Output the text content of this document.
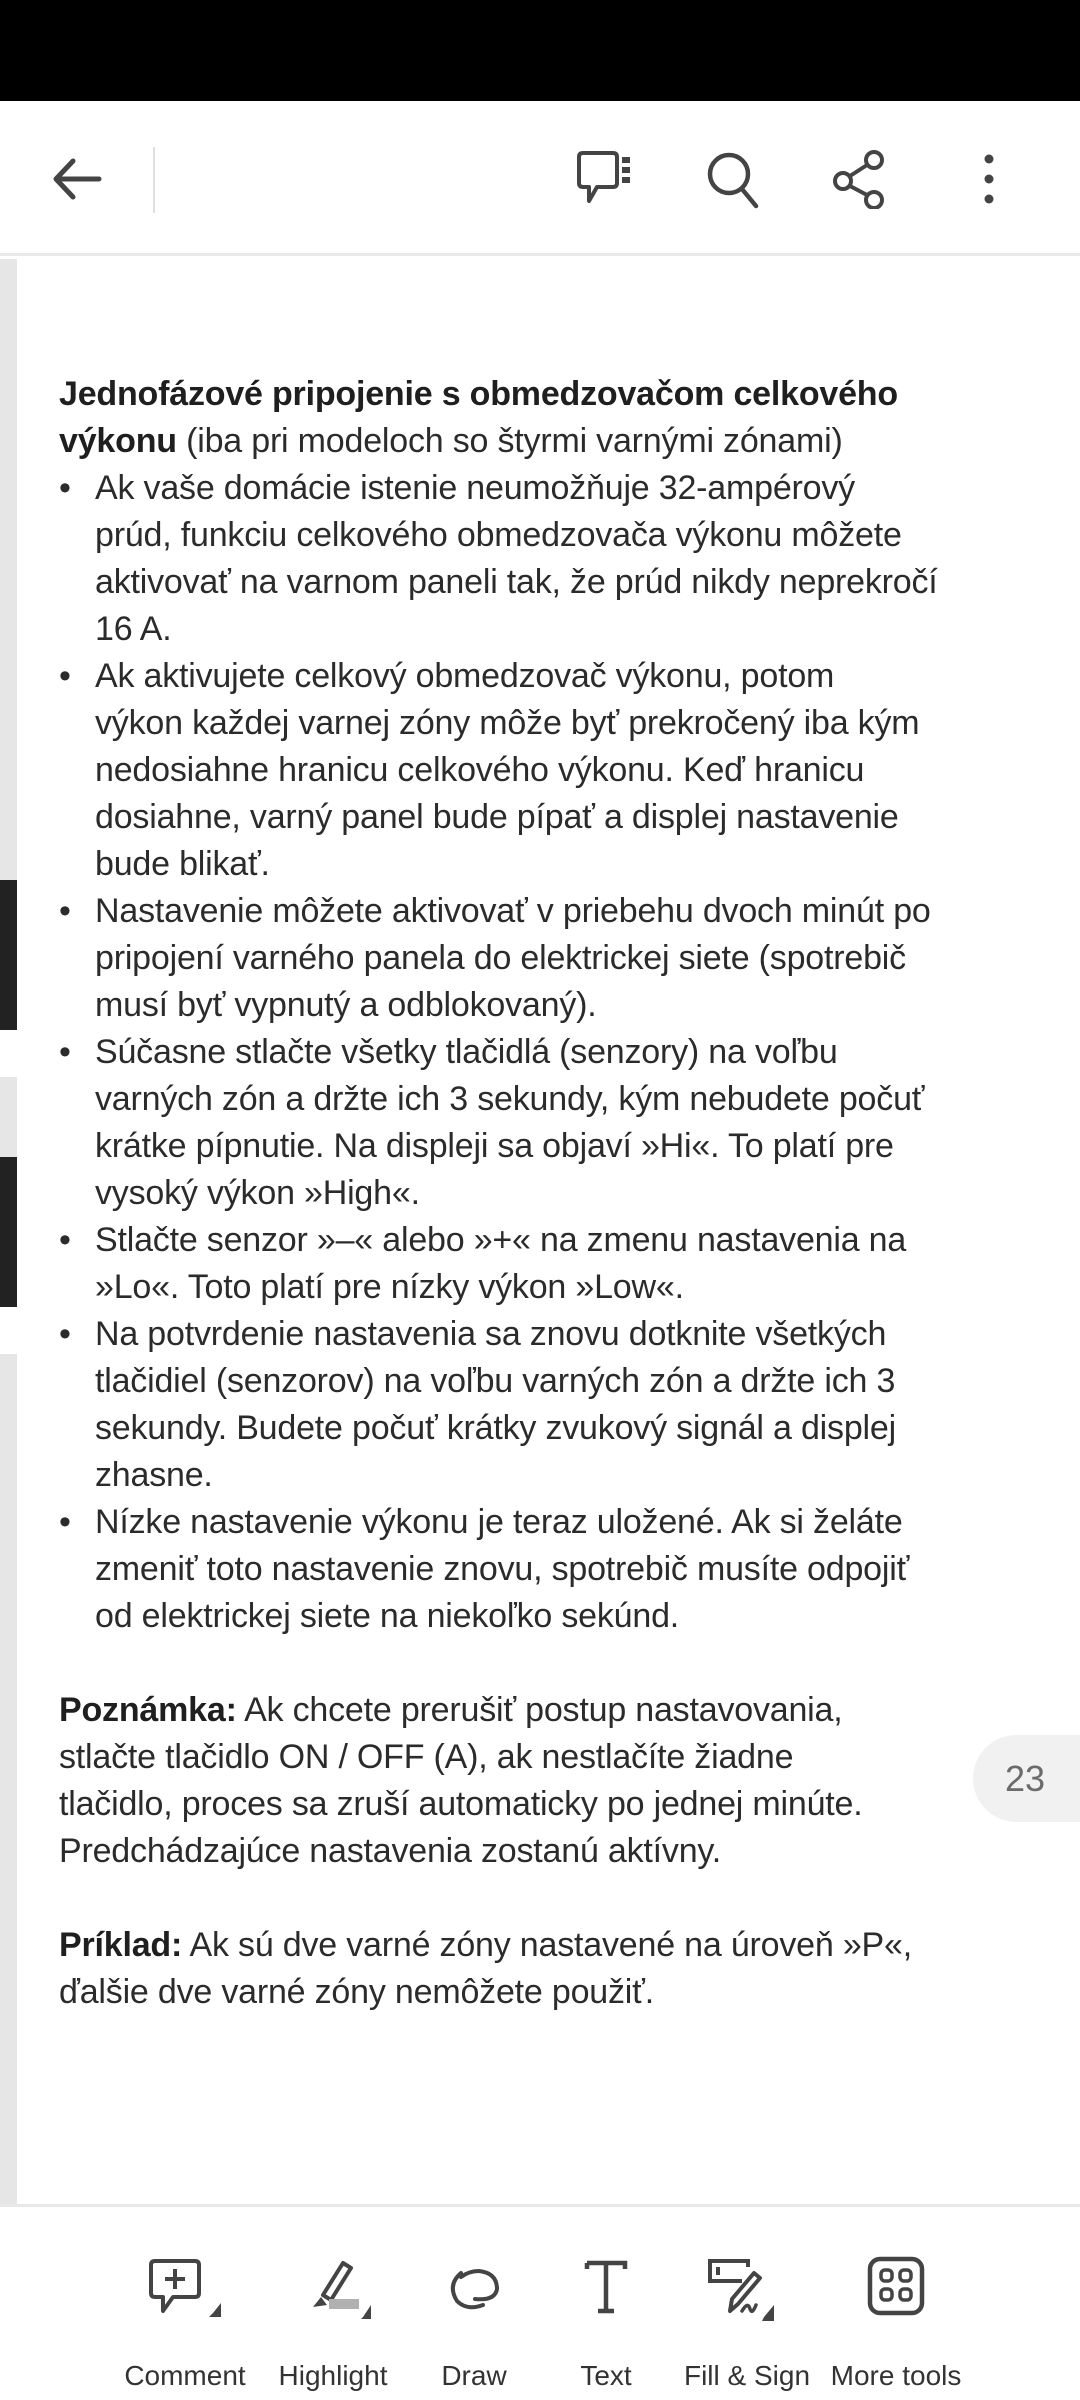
Jednofázové pripojenie s obmedzovačom celkového
výkonu (iba pri modeloch so štyrmi varnými zónami)
• Ak vaše domácie istenie neumožňuje 32-ampérový
prúd, funkciu celkového obmedzovača výkonu môžete
aktivovať na varnom paneli tak, že prúd nikdy neprekročí
16 A.
• Ak aktivujete celkový obmedzovač výkonu, potom
výkon každej varnej zóny môže byť prekročený iba kým
nedosiahne hranicu celkového výkonu. Keď hranicu
dosiahne, varný panel bude pípať a displej nastavenie
bude blikať.
• Nastavenie môžete aktivovať v priebehu dvoch minút po
pripojení varného panela do elektrickej siete (spotrebič
musí byť vypnutý a odblokovaný).
• Súčasne stlačte všetky tlačidlá (senzory) na voľbu
varných zón a držte ich 3 sekundy, kým nebudete počuť
krátke pípnutie. Na displeji sa objaví »Hi«. To platí pre
vysoký výkon »High«.
• Stlačte senzor »–« alebo »+« na zmenu nastavenia na
»Lo«. Toto platí pre nízky výkon »Low«.
• Na potvrdenie nastavenia sa znovu dotknite všetkých
tlačidiel (senzorov) na voľbu varných zón a držte ich 3
sekundy. Budete počuť krátky zvukový signál a displej
zhasne.
• Nízke nastavenie výkonu je teraz uložené. Ak si želáte
zmeniť toto nastavenie znovu, spotrebič musíte odpojiť
od elektrickej siete na niekoľko sekúnd.
Poznámka: Ak chcete prerušiť postup nastavovania,
stlačte tlačidlo ON / OFF (A), ak nestlačíte žiadne
tlačidlo, proces sa zruší automaticky po jednej minúte.
Predchádzajúce nastavenia zostanú aktívny.
Príklad: Ak sú dve varné zóny nastavené na úroveň »P«,
ďalšie dve varné zóny nemôžete použiť.
23
Comment	Highlight	Draw	Text	Fill & Sign More tools
